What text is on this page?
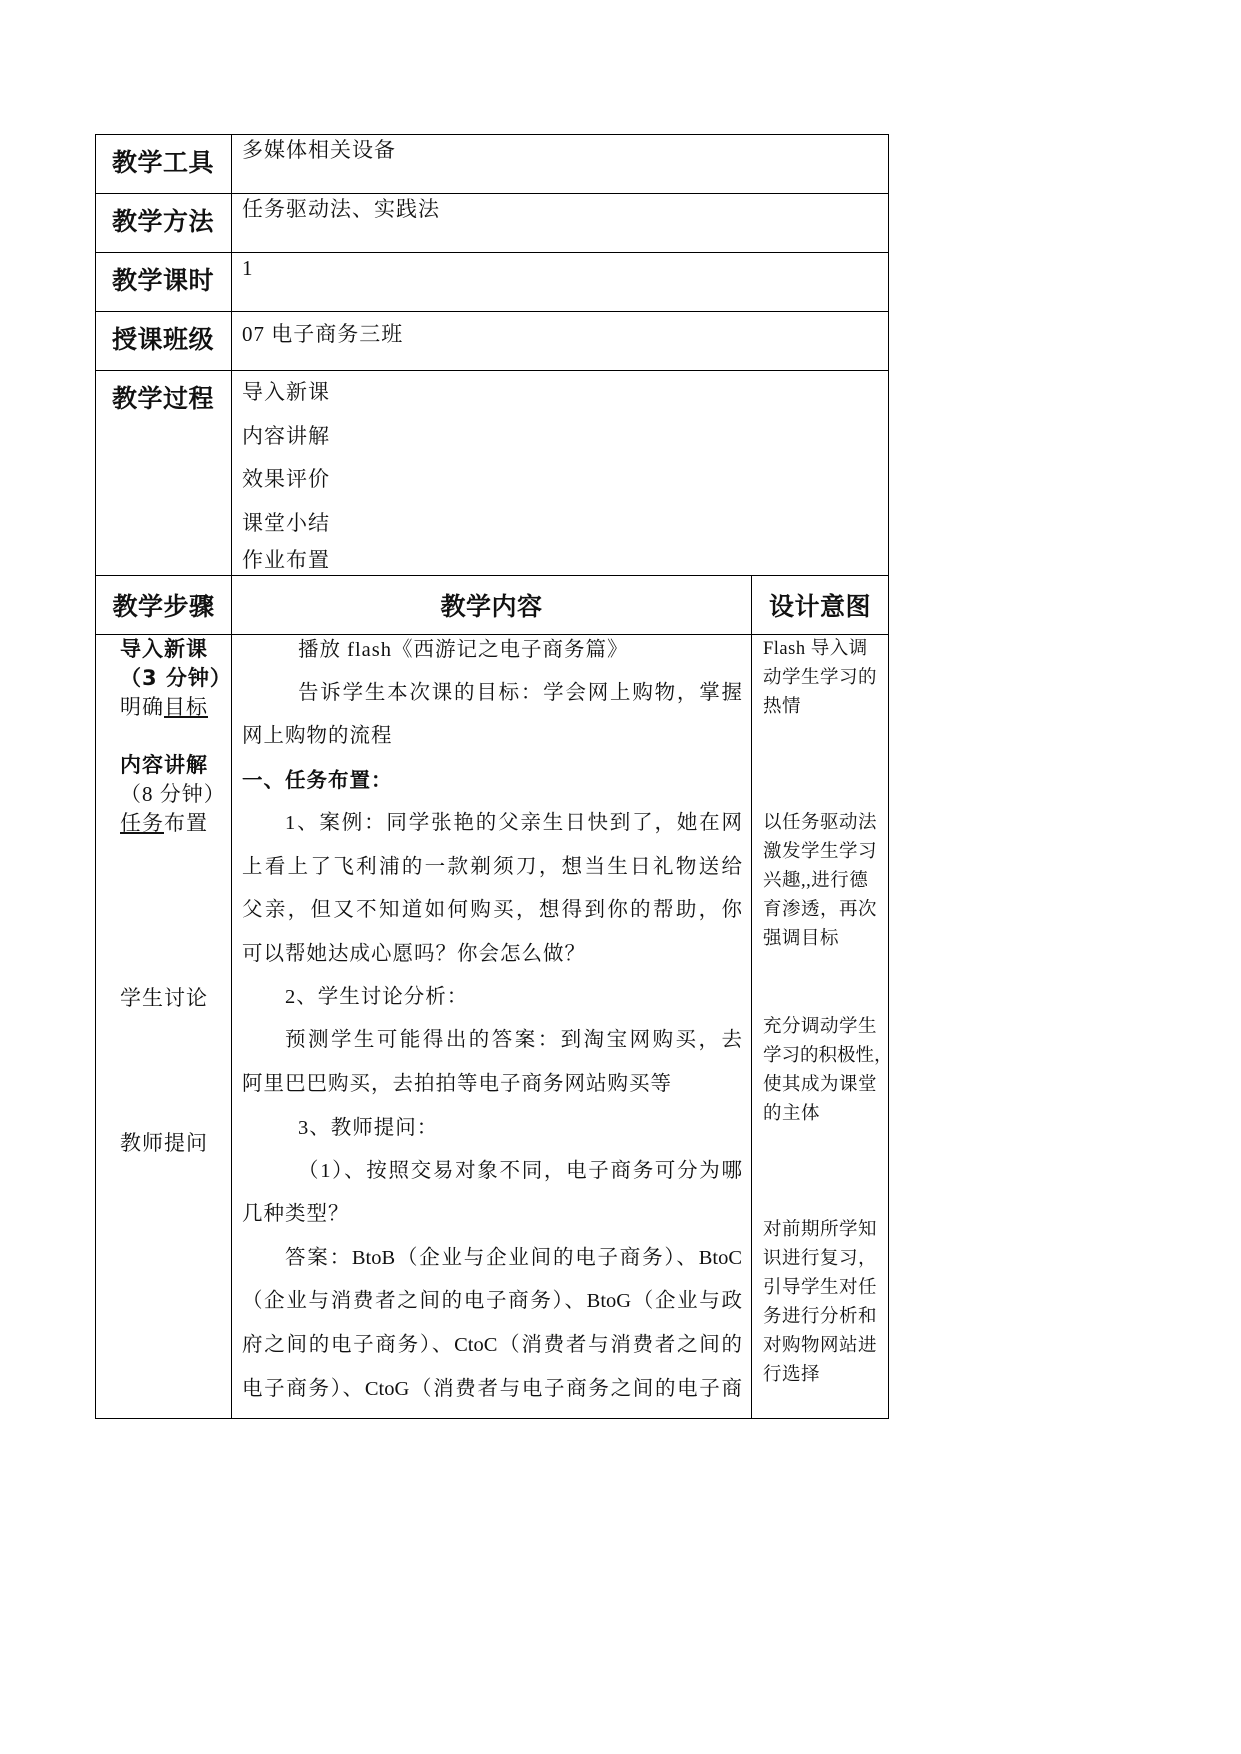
教学工具 多媒体相关设备
教学方法 任务驱动法、实践法
教学课时 1
授课班级 07 电子商务三班
教学过程 导入新课
内容讲解
效果评价
课堂小结
作业布置
教学步骤	教学内容	设计意图
导入新课
（3 分钟）
明确目标
内容讲解
（8 分钟）
任务布置
学生讨论
教师提问
播放 flash《西游记之电子商务篇》
告诉学生本次课的目标：学会网上购物，掌握
网上购物的流程
一、任务布置：
1、案例：同学张艳的父亲生日快到了，她在网
上看上了飞利浦的一款剃须刀，想当生日礼物送给
父亲，但又不知道如何购买，想得到你的帮助，你
可以帮她达成心愿吗？你会怎么做？
2、学生讨论分析：
预测学生可能得出的答案：到淘宝网购买，去
阿里巴巴购买，去拍拍等电子商务网站购买等
3、教师提问：
（1）、按照交易对象不同，电子商务可分为哪
几种类型？
答案：BtoB（企业与企业间的电子商务）、BtoC
（企业与消费者之间的电子商务）、BtoG（企业与政
府之间的电子商务）、CtoC（消费者与消费者之间的
电子商务）、CtoG（消费者与电子商务之间的电子商
Flash 导入调
动学生学习的
热情
以任务驱动法
激发学生学习
兴趣,,进行德
育渗透，再次
强调目标
充分调动学生
学习的积极性，
使其成为课堂
的主体
对前期所学知
识进行复习，
引导学生对任
务进行分析和
对购物网站进
行选择
